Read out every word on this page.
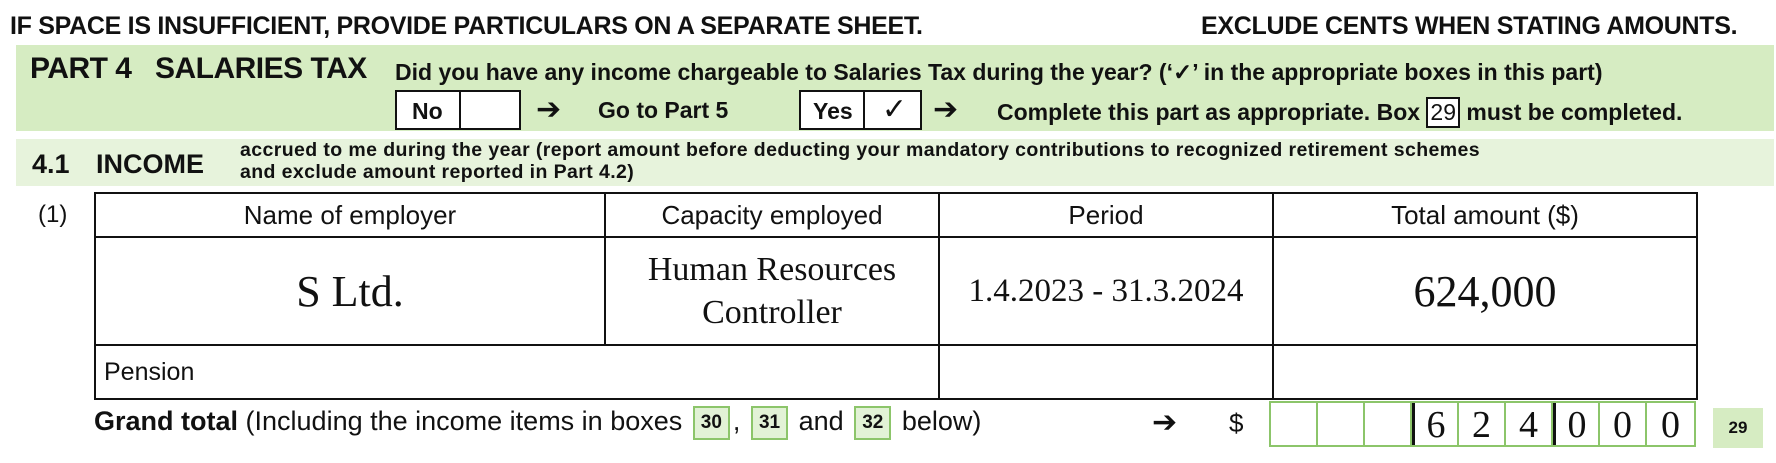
IF SPACE IS INSUFFICIENT, PROVIDE PARTICULARS ON A SEPARATE SHEET.	EXCLUDE CENTS WHEN STATING AMOUNTS.
PART 4   SALARIES TAX Did you have any income chargeable to Salaries Tax during the year? (‘✓’ in the appropriate boxes in this part)
No	➔ Go to Part 5	Yes ✓ ➔ Complete this part as appropriate. Box 29 must be completed.
4.1 INCOME accrued to me during the year (report amount before deducting your mandatory contributions to recognized retirement schemes
and exclude amount reported in Part 4.2)
(1)	Name of employer	Capacity employed	Period	Total amount ($)
S Ltd.	Human Resources
Controller	1.4.2023 - 31.3.2024	624,000
Pension			
Grand total (Including the income items in boxes 30 , 31 and 32 below)	➔ $	6 2 4 0 0 0	29
